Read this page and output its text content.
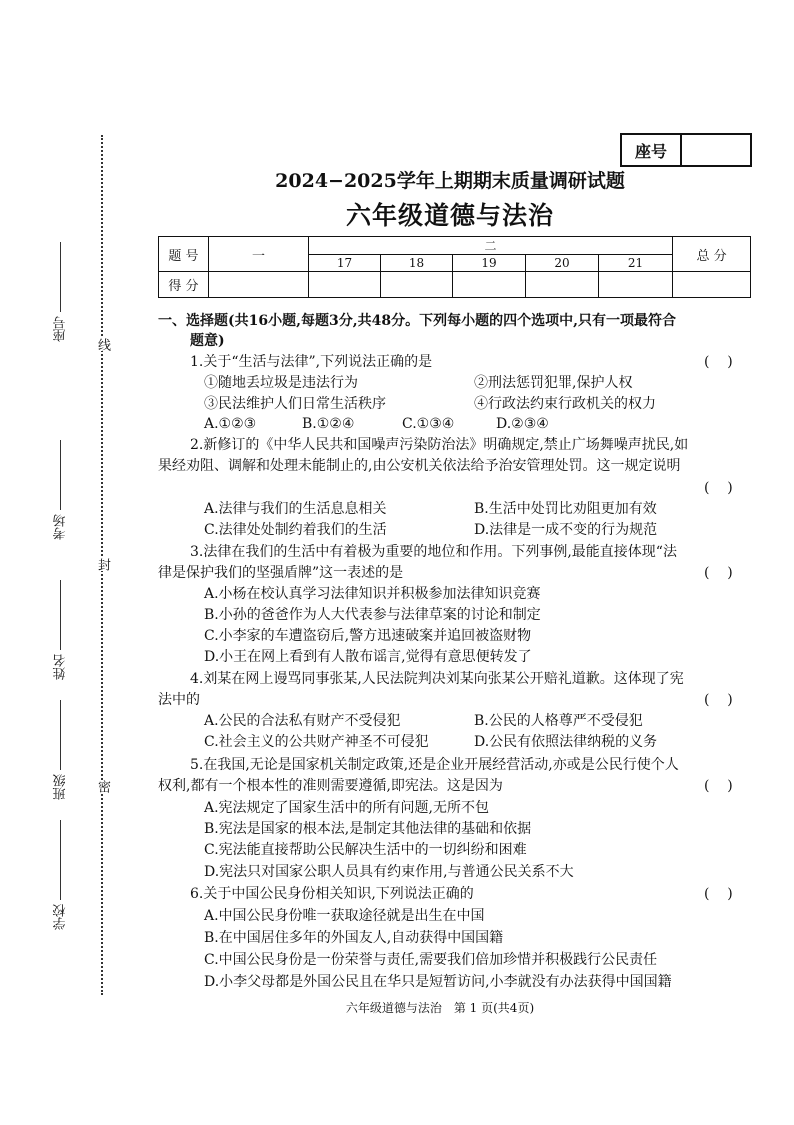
线
封
密
座号
考场
姓名
班级
学校
座号
2024−2025学年上期期末质量调研试题
六年级道德与法治
题 号	一	二					总 分
		17	18	19	20	21	
得 分							
一、选择题(共16小题,每题3分,共48分。下列每小题的四个选项中,只有一项最符合
题意)
1.关于“生活与法律”,下列说法正确的是	(    )
①随地丢垃圾是违法行为	②刑法惩罚犯罪,保护人权
③民法维护人们日常生活秩序	④行政法约束行政机关的权力
A.①②③	B.①②④	C.①③④	D.②③④
2.新修订的《中华人民共和国噪声污染防治法》明确规定,禁止广场舞噪声扰民,如
果经劝阻、调解和处理未能制止的,由公安机关依法给予治安管理处罚。这一规定说明
(    )
A.法律与我们的生活息息相关	B.生活中处罚比劝阻更加有效
C.法律处处制约着我们的生活	D.法律是一成不变的行为规范
3.法律在我们的生活中有着极为重要的地位和作用。下列事例,最能直接体现“法
律是保护我们的坚强盾牌”这一表述的是	(    )
A.小杨在校认真学习法律知识并积极参加法律知识竞赛
B.小孙的爸爸作为人大代表参与法律草案的讨论和制定
C.小李家的车遭盗窃后,警方迅速破案并追回被盗财物
D.小王在网上看到有人散布谣言,觉得有意思便转发了
4.刘某在网上谩骂同事张某,人民法院判决刘某向张某公开赔礼道歉。这体现了宪
法中的	(    )
A.公民的合法私有财产不受侵犯	B.公民的人格尊严不受侵犯
C.社会主义的公共财产神圣不可侵犯	D.公民有依照法律纳税的义务
5.在我国,无论是国家机关制定政策,还是企业开展经营活动,亦或是公民行使个人
权利,都有一个根本性的准则需要遵循,即宪法。这是因为	(    )
A.宪法规定了国家生活中的所有问题,无所不包
B.宪法是国家的根本法,是制定其他法律的基础和依据
C.宪法能直接帮助公民解决生活中的一切纠纷和困难
D.宪法只对国家公职人员具有约束作用,与普通公民关系不大
6.关于中国公民身份相关知识,下列说法正确的	(    )
A.中国公民身份唯一获取途径就是出生在中国
B.在中国居住多年的外国友人,自动获得中国国籍
C.中国公民身份是一份荣誉与责任,需要我们倍加珍惜并积极践行公民责任
D.小李父母都是外国公民且在华只是短暂访问,小李就没有办法获得中国国籍
六年级道德与法治　第 1 页(共4页)
